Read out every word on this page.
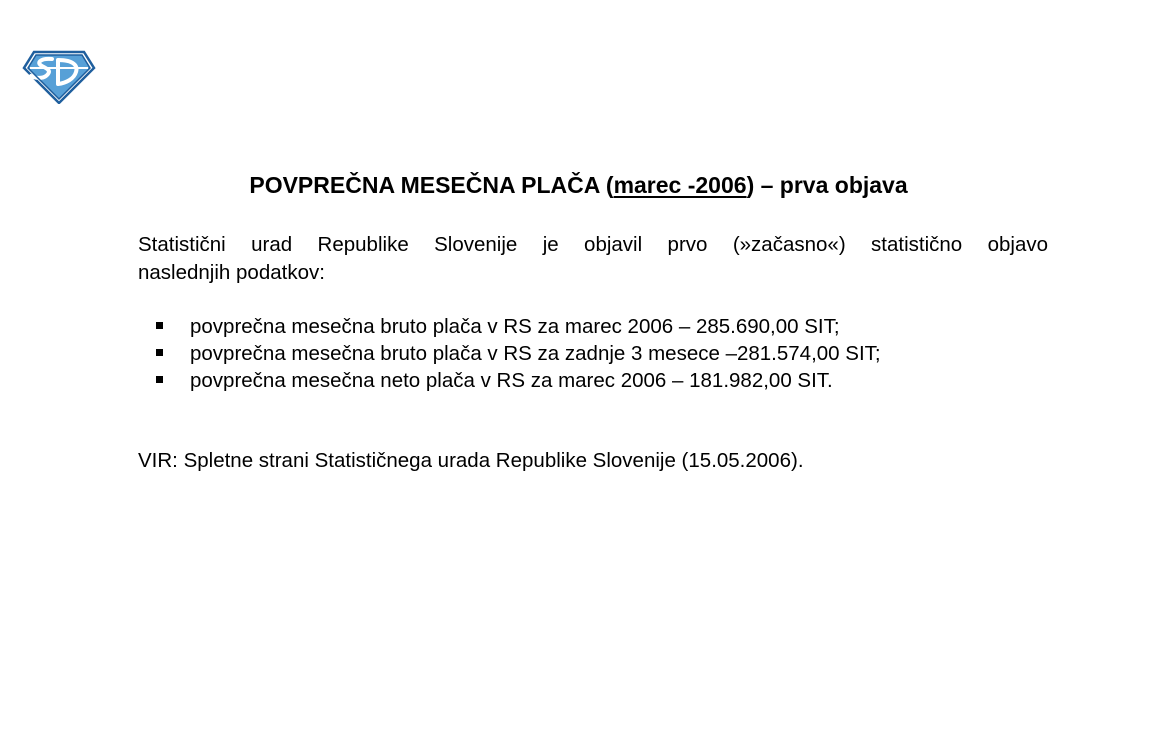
POVPREČNA MESEČNA PLAČA (marec -2006) – prva objava
Statistični urad Republike Slovenije je objavil prvo (»začasno«) statistično objavo
naslednjih podatkov:
povprečna mesečna bruto plača v RS za marec 2006 – 285.690,00 SIT;
povprečna mesečna bruto plača v RS za zadnje 3 mesece –281.574,00 SIT;
povprečna mesečna neto plača v RS za marec 2006 – 181.982,00 SIT.
VIR: Spletne strani Statističnega urada Republike Slovenije (15.05.2006).
